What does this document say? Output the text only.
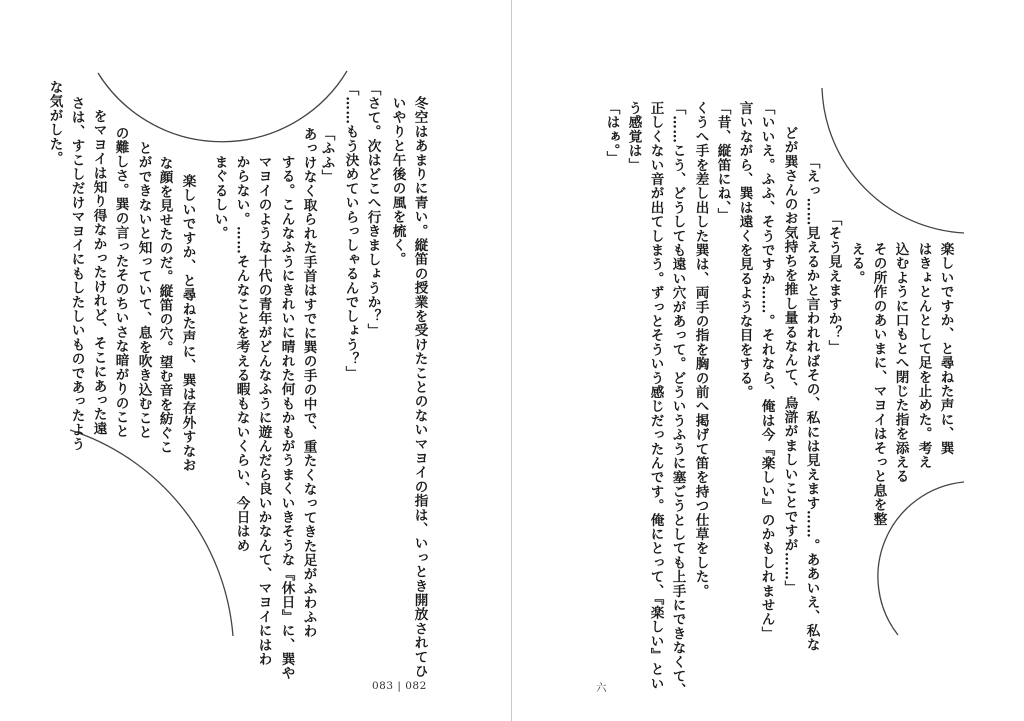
冬空はあまりに青い。縦笛の授業を受けたことのないマヨイの指は、いっとき開放されてひ
いやりと午後の風を梳く。
「さて。次はどこへ行きましょうか？」
「……もう決めていらっしゃるんでしょう？」
「ふふ」
あっけなく取られた手首はすでに巽の手の中で、重たくなってきた足がふわふわ
する。こんなふうにきれいに晴れた何もかもがうまくいきそうな『休日』に、巽や
マヨイのような十代の青年がどんなふうに遊んだら良いかなんて、マヨイにはわ
からない。……そんなことを考える暇もないくらい、今日はめ
まぐるしい。
楽しいですか、と尋ねた声に、巽は存外すなお
な顔を見せたのだ。縦笛の穴。望む音を紡ぐこ
とができないと知っていて、息を吹き込むこと
の難しさ。巽の言ったそのちいさな暗がりのこと
をマヨイは知り得なかったけれど、そこにあった遠
さは、すこしだけマヨイにもしたしいものであったよう
な気がした。
083 | 082
楽しいですか、と尋ねた声に、巽
はきょとんとして足を止めた。考え
込むように口もとへ閉じた指を添える
その所作のあいまに、マヨイはそっと息を整
える。
「そう見えますか？」
「えっ……見えるかと言われればその、私には見えます……。ああいえ、私な
どが巽さんのお気持ちを推し量るなんて、烏滸がましいことですが……」
「いいえ。ふふ、そうですか……。それなら、俺は今『楽しい』のかもしれません」
言いながら、巽は遠くを見るような目をする。
「昔、縦笛にね、」
くうへ手を差し出した巽は、両手の指を胸の前へ掲げて笛を持つ仕草をした。
「……こう、どうしても遠い穴があって。どういうふうに塞ごうとしても上手にできなくて、
正しくない音が出てしまう。ずっとそういう感じだったんです。俺にとって、『楽しい』とい
う感覚は」
「はぁ。」
六
